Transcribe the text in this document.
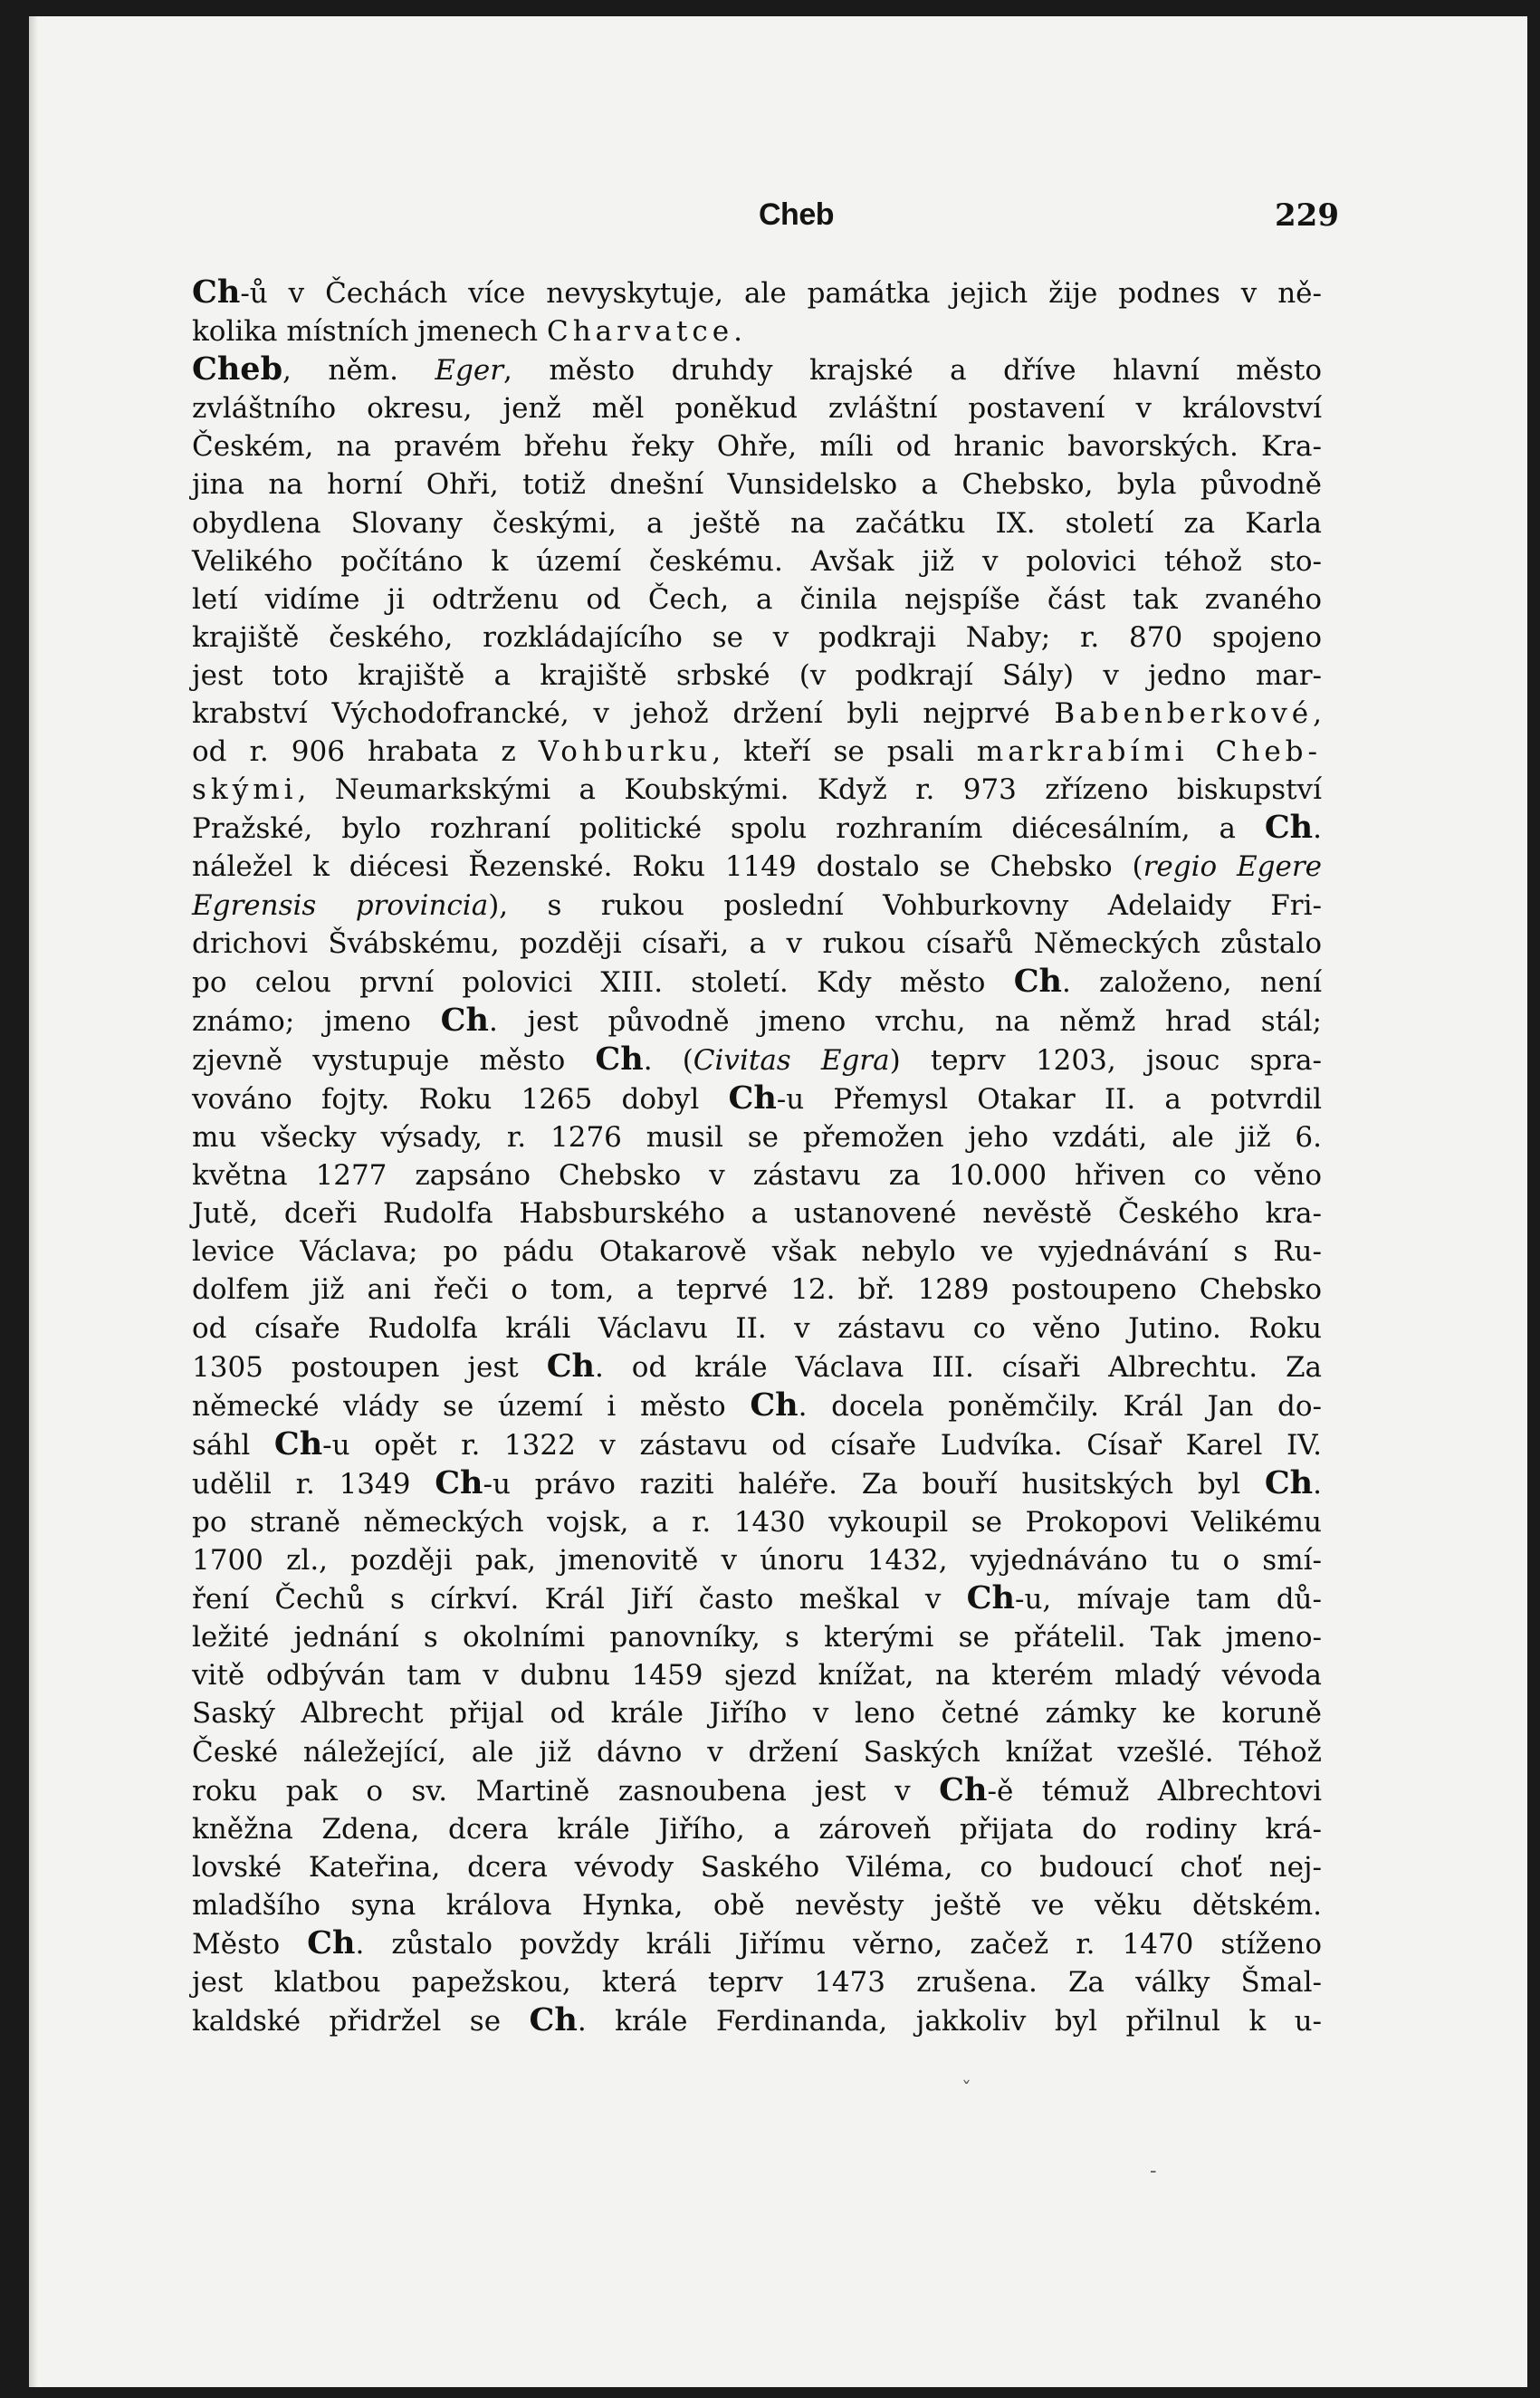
Cheb	229
Ch-ů v Čechách více nevyskytuje, ale památka jejich žije podnes v ně-
kolika místních jmenech Charvatce.
Cheb, něm. Eger, město druhdy krajské a dříve hlavní město
zvláštního okresu, jenž měl poněkud zvláštní postavení v království
Českém, na pravém břehu řeky Ohře, míli od hranic bavorských. Kra-
jina na horní Ohři, totiž dnešní Vunsidelsko a Chebsko, byla původně
obydlena Slovany českými, a ještě na začátku IX. století za Karla
Velikého počítáno k území českému. Avšak již v polovici téhož sto-
letí vidíme ji odtrženu od Čech, a činila nejspíše část tak zvaného
krajiště českého, rozkládajícího se v podkraji Naby; r. 870 spojeno
jest toto krajiště a krajiště srbské (v podkrají Sály) v jedno mar-
krabství Východofrancké, v jehož držení byli nejprvé Babenberkové,
od r. 906 hrabata z Vohburku, kteří se psali markrabími Cheb-
skými, Neumarkskými a Koubskými. Když r. 973 zřízeno biskupství
Pražské, bylo rozhraní politické spolu rozhraním diécesálním, a Ch.
náležel k diécesi Řezenské. Roku 1149 dostalo se Chebsko (regio Egere
Egrensis provincia), s rukou poslední Vohburkovny Adelaidy Fri-
drichovi Švábskému, později císaři, a v rukou císařů Německých zůstalo
po celou první polovici XIII. století. Kdy město Ch. založeno, není
známo; jmeno Ch. jest původně jmeno vrchu, na němž hrad stál;
zjevně vystupuje město Ch. (Civitas Egra) teprv 1203, jsouc spra-
vováno fojty. Roku 1265 dobyl Ch-u Přemysl Otakar II. a potvrdil
mu všecky výsady, r. 1276 musil se přemožen jeho vzdáti, ale již 6.
května 1277 zapsáno Chebsko v zástavu za 10.000 hřiven co věno
Jutě, dceři Rudolfa Habsburského a ustanovené nevěstě Českého kra-
levice Václava; po pádu Otakarově však nebylo ve vyjednávání s Ru-
dolfem již ani řeči o tom, a teprvé 12. bř. 1289 postoupeno Chebsko
od císaře Rudolfa králi Václavu II. v zástavu co věno Jutino. Roku
1305 postoupen jest Ch. od krále Václava III. císaři Albrechtu. Za
německé vlády se území i město Ch. docela poněmčily. Král Jan do-
sáhl Ch-u opět r. 1322 v zástavu od císaře Ludvíka. Císař Karel IV.
udělil r. 1349 Ch-u právo raziti haléře. Za bouří husitských byl Ch.
po straně německých vojsk, a r. 1430 vykoupil se Prokopovi Velikému
1700 zl., později pak, jmenovitě v únoru 1432, vyjednáváno tu o smí-
ření Čechů s církví. Král Jiří často meškal v Ch-u, mívaje tam dů-
ležité jednání s okolními panovníky, s kterými se přátelil. Tak jmeno-
vitě odbýván tam v dubnu 1459 sjezd knížat, na kterém mladý vévoda
Saský Albrecht přijal od krále Jiřího v leno četné zámky ke koruně
České náležející, ale již dávno v držení Saských knížat vzešlé. Téhož
roku pak o sv. Martině zasnoubena jest v Ch-ě témuž Albrechtovi
kněžna Zdena, dcera krále Jiřího, a zároveň přijata do rodiny krá-
lovské Kateřina, dcera vévody Saského Viléma, co budoucí choť nej-
mladšího syna králova Hynka, obě nevěsty ještě ve věku dětském.
Město Ch. zůstalo povždy králi Jiřímu věrno, začež r. 1470 stíženo
jest klatbou papežskou, která teprv 1473 zrušena. Za války Šmal-
kaldské přidržel se Ch. krále Ferdinanda, jakkoliv byl přilnul k u-
‐
ˇ
